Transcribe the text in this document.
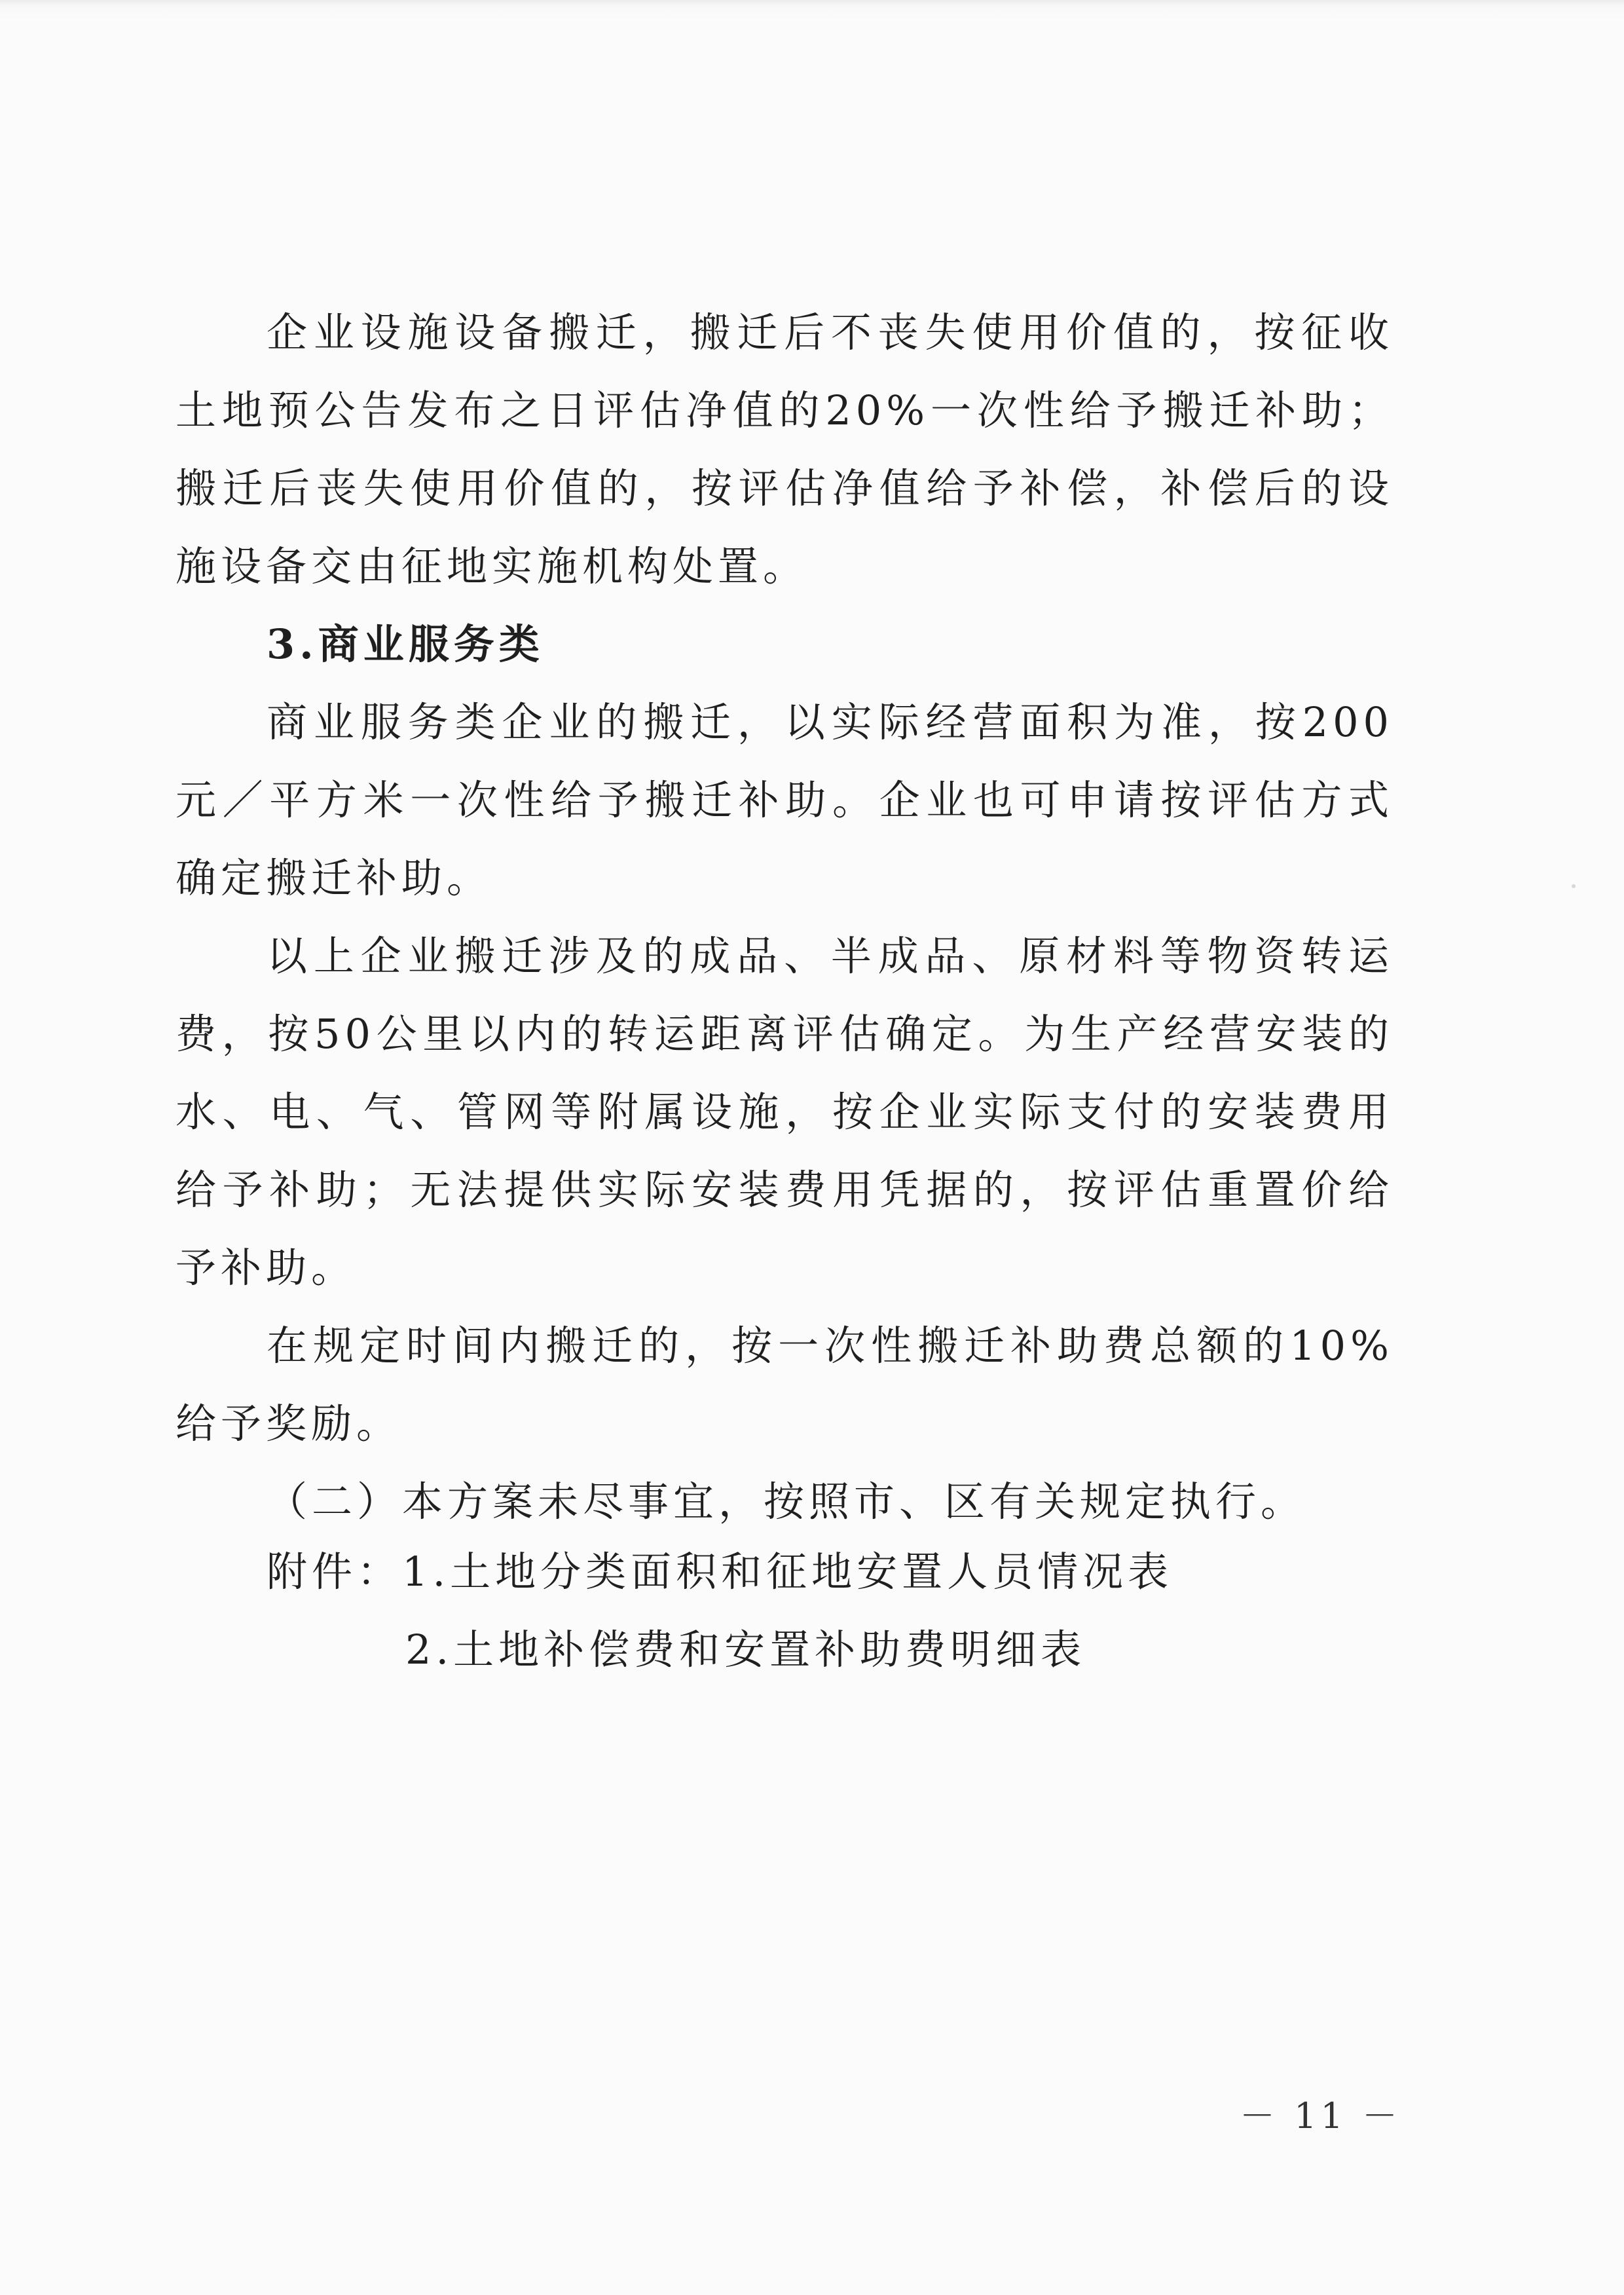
企业设施设备搬迁，搬迁后不丧失使用价值的，按征收土地预公告发布之日评估净值的20%一次性给予搬迁补助；搬迁后丧失使用价值的，按评估净值给予补偿，补偿后的设施设备交由征地实施机构处置。

3.商业服务类

商业服务类企业的搬迁，以实际经营面积为准，按200元／平方米一次性给予搬迁补助。企业也可申请按评估方式确定搬迁补助。

以上企业搬迁涉及的成品、半成品、原材料等物资转运费，按50公里以内的转运距离评估确定。为生产经营安装的水、电、气、管网等附属设施，按企业实际支付的安装费用给予补助；无法提供实际安装费用凭据的，按评估重置价给予补助。

在规定时间内搬迁的，按一次性搬迁补助费总额的10%给予奖励。

（二）本方案未尽事宜，按照市、区有关规定执行。

附件：1.土地分类面积和征地安置人员情况表
2.土地补偿费和安置补助费明细表
－ 11 －
